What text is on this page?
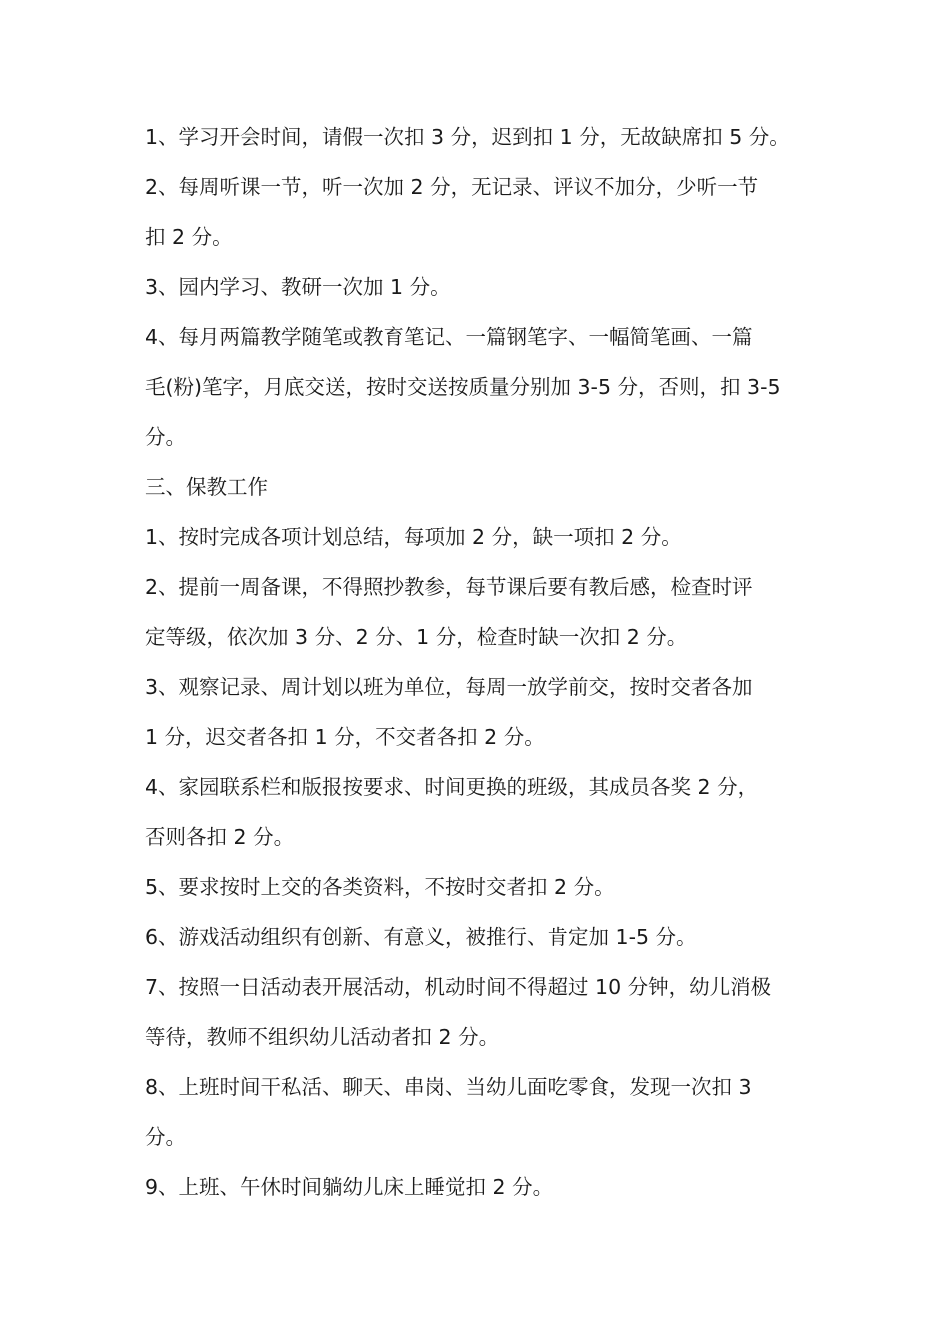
1、学习开会时间，请假一次扣 3 分，迟到扣 1 分，无故缺席扣 5 分。
2、每周听课一节，听一次加 2 分，无记录、评议不加分，少听一节
扣 2 分。
3、园内学习、教研一次加 1 分。
4、每月两篇教学随笔或教育笔记、一篇钢笔字、一幅简笔画、一篇
毛(粉)笔字，月底交送，按时交送按质量分别加 3-5 分，否则，扣 3-5
分。
三、保教工作
1、按时完成各项计划总结，每项加 2 分，缺一项扣 2 分。
2、提前一周备课，不得照抄教参，每节课后要有教后感，检查时评
定等级，依次加 3 分、2 分、1 分，检查时缺一次扣 2 分。
3、观察记录、周计划以班为单位，每周一放学前交，按时交者各加
1 分，迟交者各扣 1 分，不交者各扣 2 分。
4、家园联系栏和版报按要求、时间更换的班级，其成员各奖 2 分，
否则各扣 2 分。
5、要求按时上交的各类资料，不按时交者扣 2 分。
6、游戏活动组织有创新、有意义，被推行、肯定加 1-5 分。
7、按照一日活动表开展活动，机动时间不得超过 10 分钟，幼儿消极
等待，教师不组织幼儿活动者扣 2 分。
8、上班时间干私活、聊天、串岗、当幼儿面吃零食，发现一次扣 3
分。
9、上班、午休时间躺幼儿床上睡觉扣 2 分。
